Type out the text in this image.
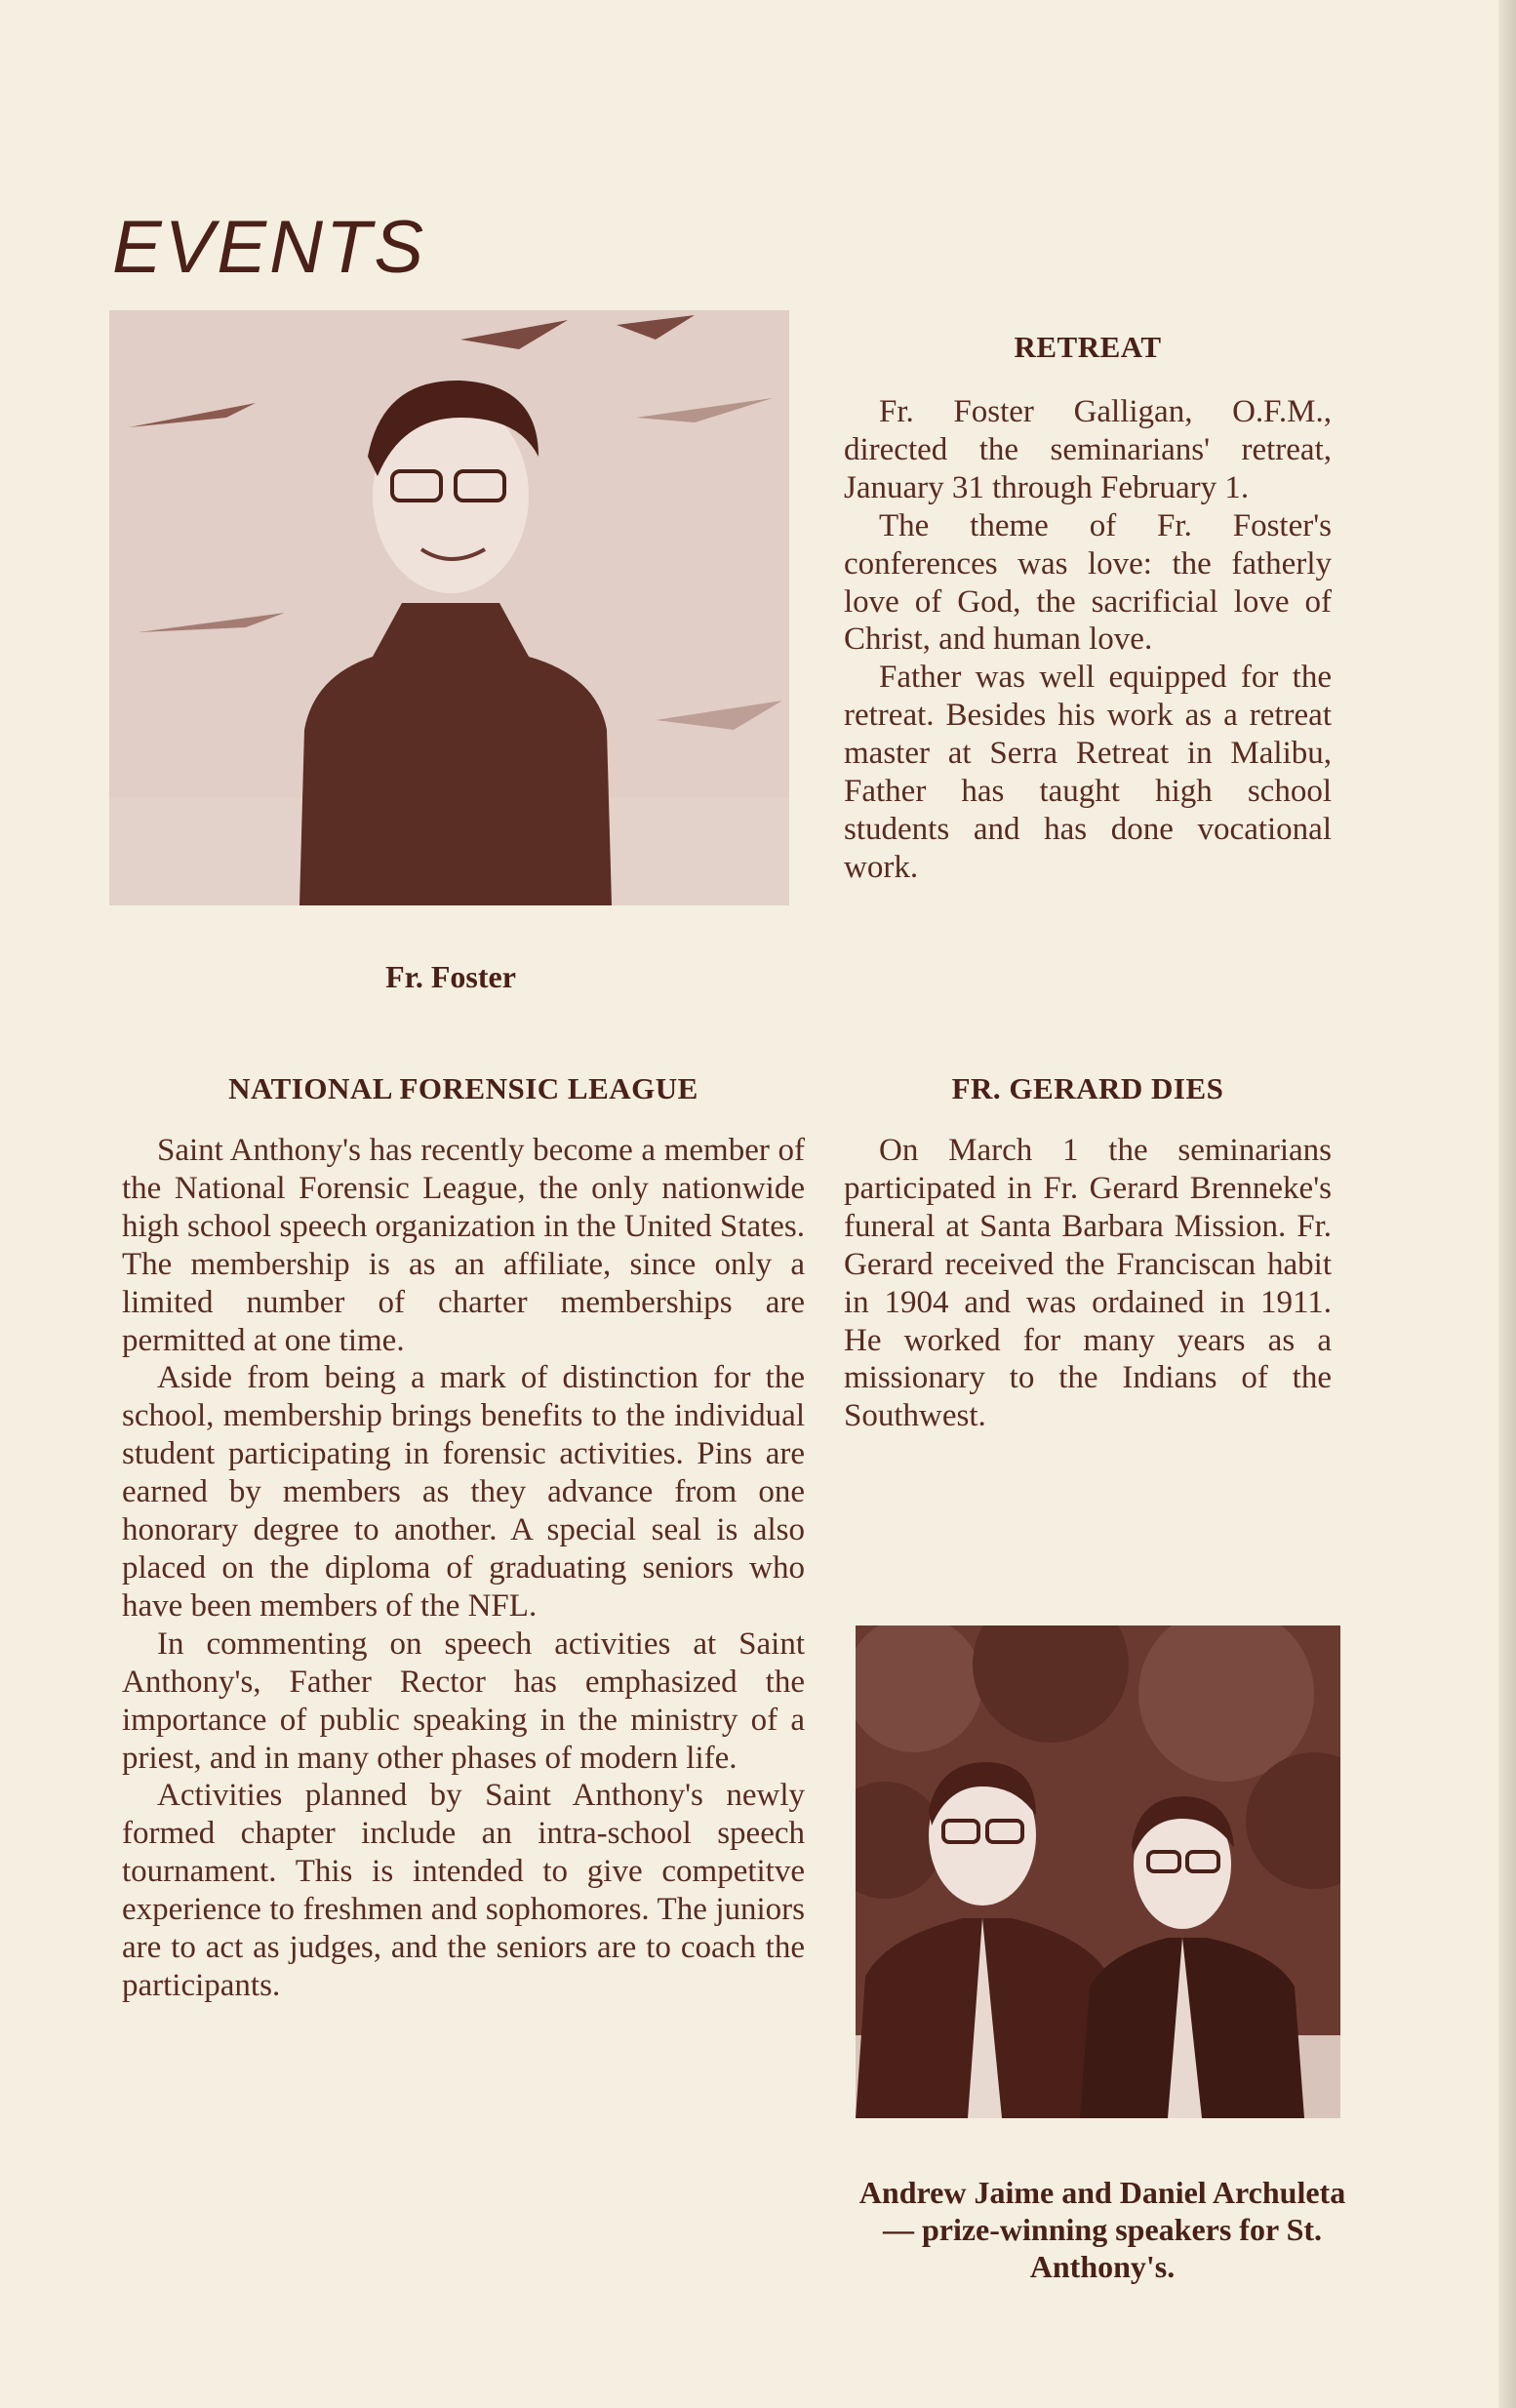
EVENTS

Fr. Foster

RETREAT

Fr. Foster Galligan, O.F.M., directed the seminarians' retreat, January 31 through February 1.

The theme of Fr. Foster's conferences was love: the fatherly love of God, the sacrificial love of Christ, and human love.

Father was well equipped for the retreat. Besides his work as a retreat master at Serra Retreat in Malibu, Father has taught high school students and has done vocational work.

NATIONAL FORENSIC LEAGUE

Saint Anthony's has recently become a member of the National Forensic League, the only nationwide high school speech organization in the United States. The membership is as an affiliate, since only a limited number of charter memberships are permitted at one time.

Aside from being a mark of distinction for the school, membership brings benefits to the individual student participating in forensic activities. Pins are earned by members as they advance from one honorary degree to another. A special seal is also placed on the diploma of graduating seniors who have been members of the NFL.

In commenting on speech activities at Saint Anthony's, Father Rector has emphasized the importance of public speaking in the ministry of a priest, and in many other phases of modern life.

Activities planned by Saint Anthony's newly formed chapter include an intra-school speech tournament. This is intended to give competitve experience to freshmen and sophomores. The juniors are to act as judges, and the seniors are to coach the participants.

FR. GERARD DIES

On March 1 the seminarians participated in Fr. Gerard Brenneke's funeral at Santa Barbara Mission. Fr. Gerard received the Franciscan habit in 1904 and was ordained in 1911. He worked for many years as a missionary to the Indians of the Southwest.

Andrew Jaime and Daniel Archuleta — prize-winning speakers for St. Anthony's.
